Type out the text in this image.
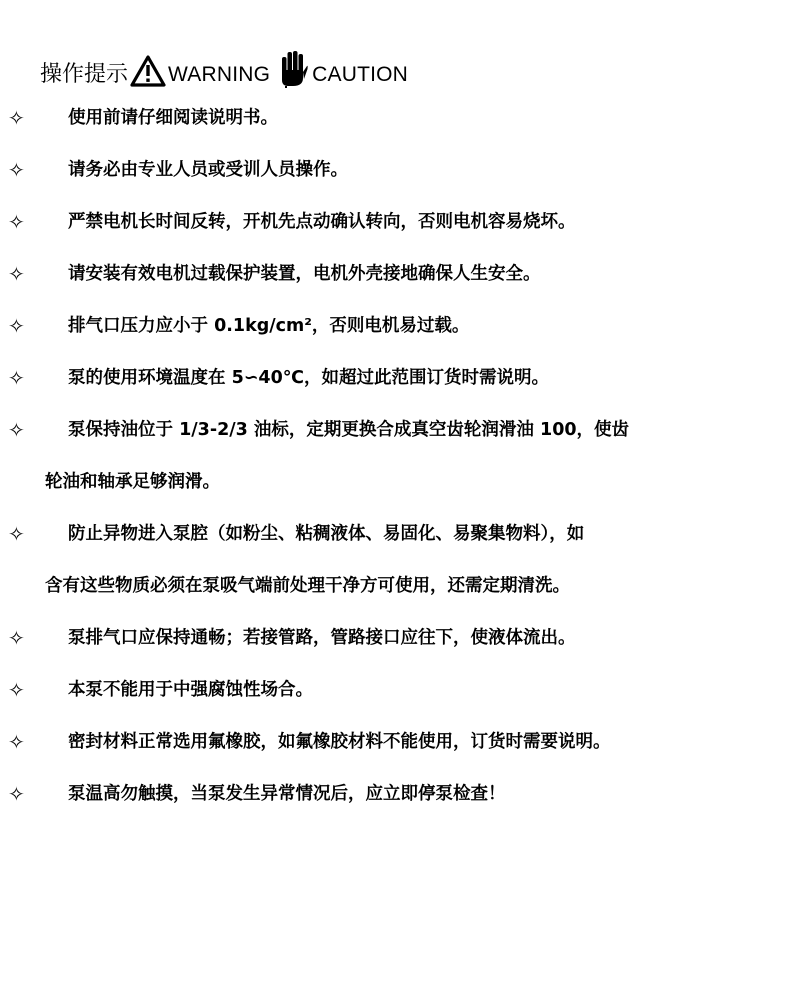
操作提示 WARNING CAUTION
✧ 使用前请仔细阅读说明书。
✧ 请务必由专业人员或受训人员操作。
✧ 严禁电机长时间反转，开机先点动确认转向，否则电机容易烧坏。
✧ 请安装有效电机过载保护装置，电机外壳接地确保人生安全。
✧ 排气口压力应小于 0.1kg/cm²，否则电机易过载。
✧ 泵的使用环境温度在 5∽40℃，如超过此范围订货时需说明。
✧ 泵保持油位于 1/3-2/3 油标，定期更换合成真空齿轮润滑油 100，使齿
轮油和轴承足够润滑。
✧ 防止异物进入泵腔（如粉尘、粘稠液体、易固化、易聚集物料），如
含有这些物质必须在泵吸气端前处理干净方可使用，还需定期清洗。
✧ 泵排气口应保持通畅；若接管路，管路接口应往下，使液体流出。
✧ 本泵不能用于中强腐蚀性场合。
✧ 密封材料正常选用氟橡胶，如氟橡胶材料不能使用，订货时需要说明。
✧ 泵温高勿触摸，当泵发生异常情况后，应立即停泵检查！
